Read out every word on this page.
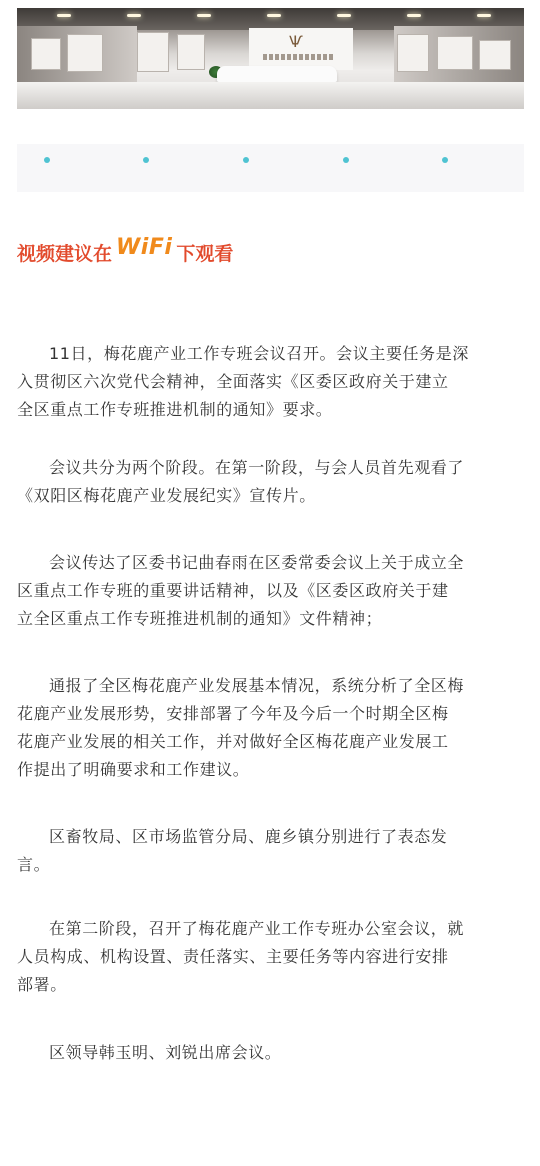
Ѱ
视频建议在 WiFi 下观看
11日，梅花鹿产业工作专班会议召开。会议主要任务是深
入贯彻区六次党代会精神，全面落实《区委区政府关于建立
全区重点工作专班推进机制的通知》要求。
会议共分为两个阶段。在第一阶段，与会人员首先观看了
《双阳区梅花鹿产业发展纪实》宣传片。
会议传达了区委书记曲春雨在区委常委会议上关于成立全
区重点工作专班的重要讲话精神，以及《区委区政府关于建
立全区重点工作专班推进机制的通知》文件精神；
通报了全区梅花鹿产业发展基本情况，系统分析了全区梅
花鹿产业发展形势，安排部署了今年及今后一个时期全区梅
花鹿产业发展的相关工作，并对做好全区梅花鹿产业发展工
作提出了明确要求和工作建议。
区畜牧局、区市场监管分局、鹿乡镇分别进行了表态发
言。
在第二阶段，召开了梅花鹿产业工作专班办公室会议，就
人员构成、机构设置、责任落实、主要任务等内容进行安排
部署。
区领导韩玉明、刘锐出席会议。
